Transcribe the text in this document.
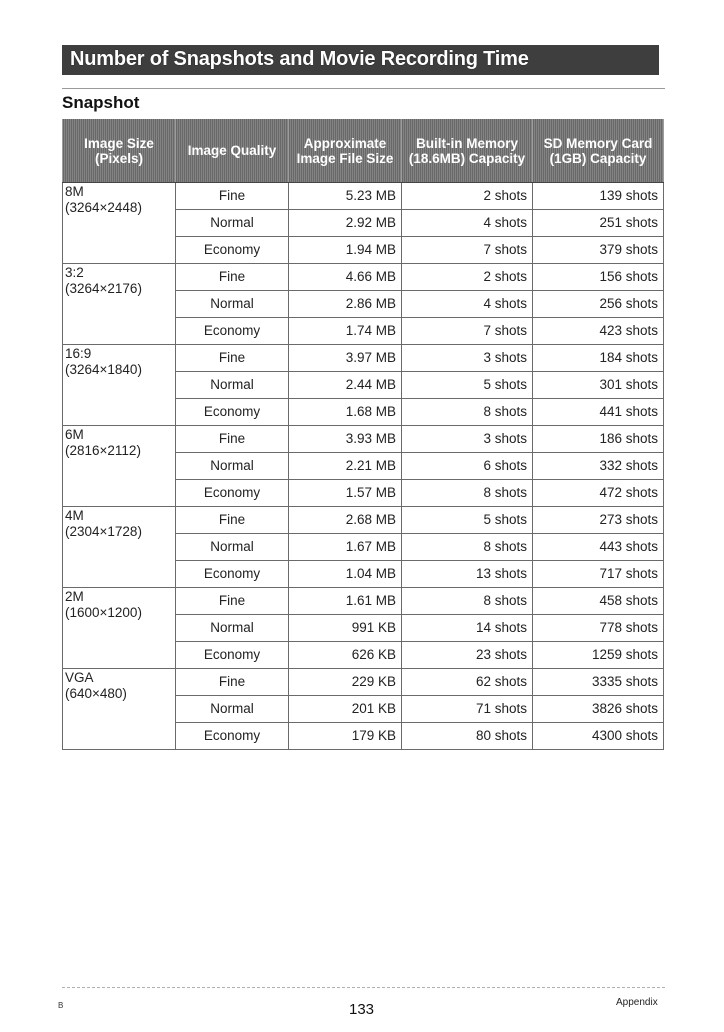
Number of Snapshots and Movie Recording Time
Snapshot
Image Size (Pixels)	Image Quality	Approximate Image File Size	Built-in Memory (18.6MB) Capacity	SD Memory Card (1GB) Capacity

8M
(3264×2448)	Fine	5.23 MB	2 shots	139 shots
	Normal	2.92 MB	4 shots	251 shots
	Economy	1.94 MB	7 shots	379 shots

3:2
(3264×2176)	Fine	4.66 MB	2 shots	156 shots
	Normal	2.86 MB	4 shots	256 shots
	Economy	1.74 MB	7 shots	423 shots

16:9
(3264×1840)	Fine	3.97 MB	3 shots	184 shots
	Normal	2.44 MB	5 shots	301 shots
	Economy	1.68 MB	8 shots	441 shots

6M
(2816×2112)	Fine	3.93 MB	3 shots	186 shots
	Normal	2.21 MB	6 shots	332 shots
	Economy	1.57 MB	8 shots	472 shots

4M
(2304×1728)	Fine	2.68 MB	5 shots	273 shots
	Normal	1.67 MB	8 shots	443 shots
	Economy	1.04 MB	13 shots	717 shots

2M
(1600×1200)	Fine	1.61 MB	8 shots	458 shots
	Normal	991 KB	14 shots	778 shots
	Economy	626 KB	23 shots	1259 shots

VGA
(640×480)	Fine	229 KB	62 shots	3335 shots
	Normal	201 KB	71 shots	3826 shots
	Economy	179 KB	80 shots	4300 shots
B	133	Appendix
